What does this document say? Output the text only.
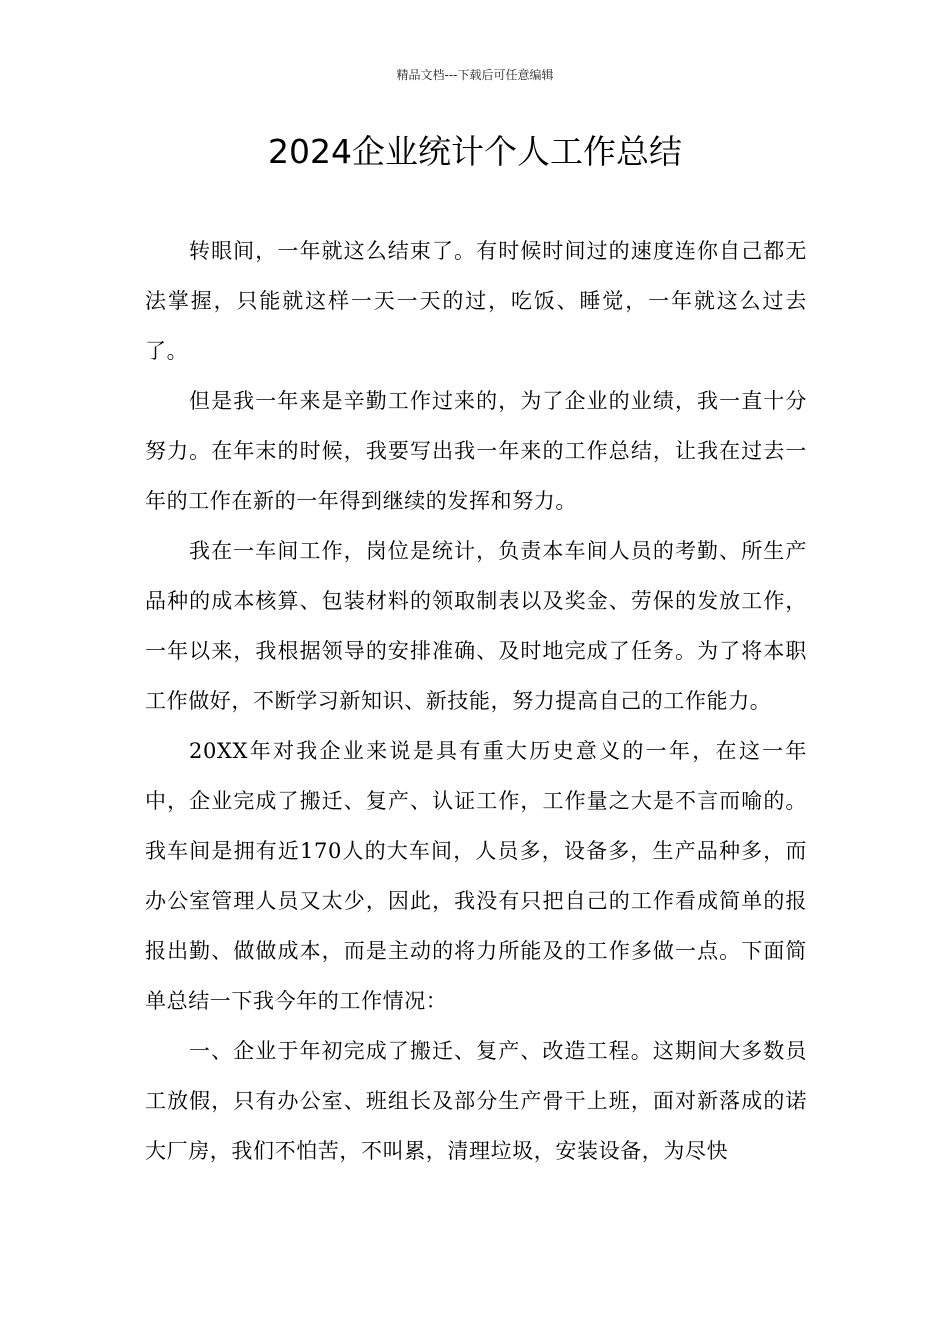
精品文档---下载后可任意编辑
2024企业统计个人工作总结

转眼间，一年就这么结束了。有时候时间过的速度连你自己都无法掌握，只能就这样一天一天的过，吃饭、睡觉，一年就这么过去了。

但是我一年来是辛勤工作过来的，为了企业的业绩，我一直十分努力。在年末的时候，我要写出我一年来的工作总结，让我在过去一年的工作在新的一年得到继续的发挥和努力。

我在一车间工作，岗位是统计，负责本车间人员的考勤、所生产品种的成本核算、包装材料的领取制表以及奖金、劳保的发放工作，一年以来，我根据领导的安排准确、及时地完成了任务。为了将本职工作做好，不断学习新知识、新技能，努力提高自己的工作能力。

20XX年对我企业来说是具有重大历史意义的一年，在这一年中，企业完成了搬迁、复产、认证工作，工作量之大是不言而喻的。我车间是拥有近170人的大车间，人员多，设备多，生产品种多，而办公室管理人员又太少，因此，我没有只把自己的工作看成简单的报报出勤、做做成本，而是主动的将力所能及的工作多做一点。下面简单总结一下我今年的工作情况：

一、企业于年初完成了搬迁、复产、改造工程。这期间大多数员工放假，只有办公室、班组长及部分生产骨干上班，面对新落成的诺大厂房，我们不怕苦，不叫累，清理垃圾，安装设备，为尽快
